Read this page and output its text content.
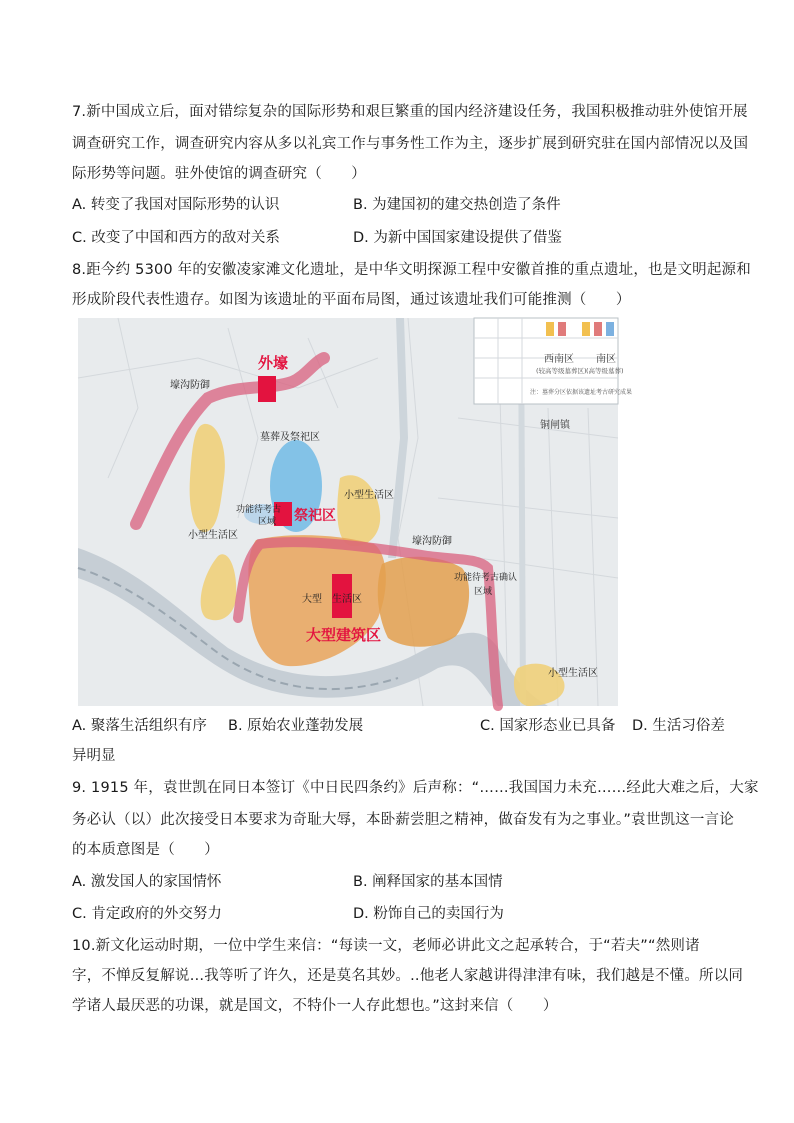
7.新中国成立后，面对错综复杂的国际形势和艰巨繁重的国内经济建设任务，我国积极推动驻外使馆开展
调查研究工作，调查研究内容从多以礼宾工作与事务性工作为主，逐步扩展到研究驻在国内部情况以及国
际形势等问题。驻外使馆的调查研究（　　）
A. 转变了我国对国际形势的认识	B. 为建国初的建交热创造了条件
C. 改变了中国和西方的敌对关系	D. 为新中国国家建设提供了借鉴
8.距今约 5300 年的安徽凌家滩文化遗址，是中华文明探源工程中安徽首推的重点遗址，也是文明起源和
形成阶段代表性遗存。如图为该遗址的平面布局图，通过该遗址我们可能推测（　　）
西南区
(较高等级墓葬区)
南区
(高等级墓葬)
注：墓葬分区依据该遗址考古研究成果
外壕
壕沟防御
墓葬及祭祀区
小型生活区
功能待考古
区域 祭祀区
小型生活区
壕沟防御
功能待考古确认
区域
大型　生活区
大型建筑区
小型生活区
铜闸镇
A. 聚落生活组织有序 B. 原始农业蓬勃发展	C. 国家形态业已具备 D. 生活习俗差
异明显
9. 1915 年，袁世凯在同日本签订《中日民四条约》后声称：“……我国国力未充……经此大难之后，大家
务必认（以）此次接受日本要求为奇耻大辱，本卧薪尝胆之精神，做奋发有为之事业。”袁世凯这一言论
的本质意图是（　　）
A. 激发国人的家国情怀	B. 阐释国家的基本国情
C. 肯定政府的外交努力	D. 粉饰自己的卖国行为
10.新文化运动时期，一位中学生来信：“每读一文，老师必讲此文之起承转合，于“若夫”“然则诸
字，不惮反复解说…我等听了许久，还是莫名其妙。..他老人家越讲得津津有味，我们越是不懂。所以同
学诸人最厌恶的功课，就是国文，不特仆一人存此想也。”这封来信（　　）
